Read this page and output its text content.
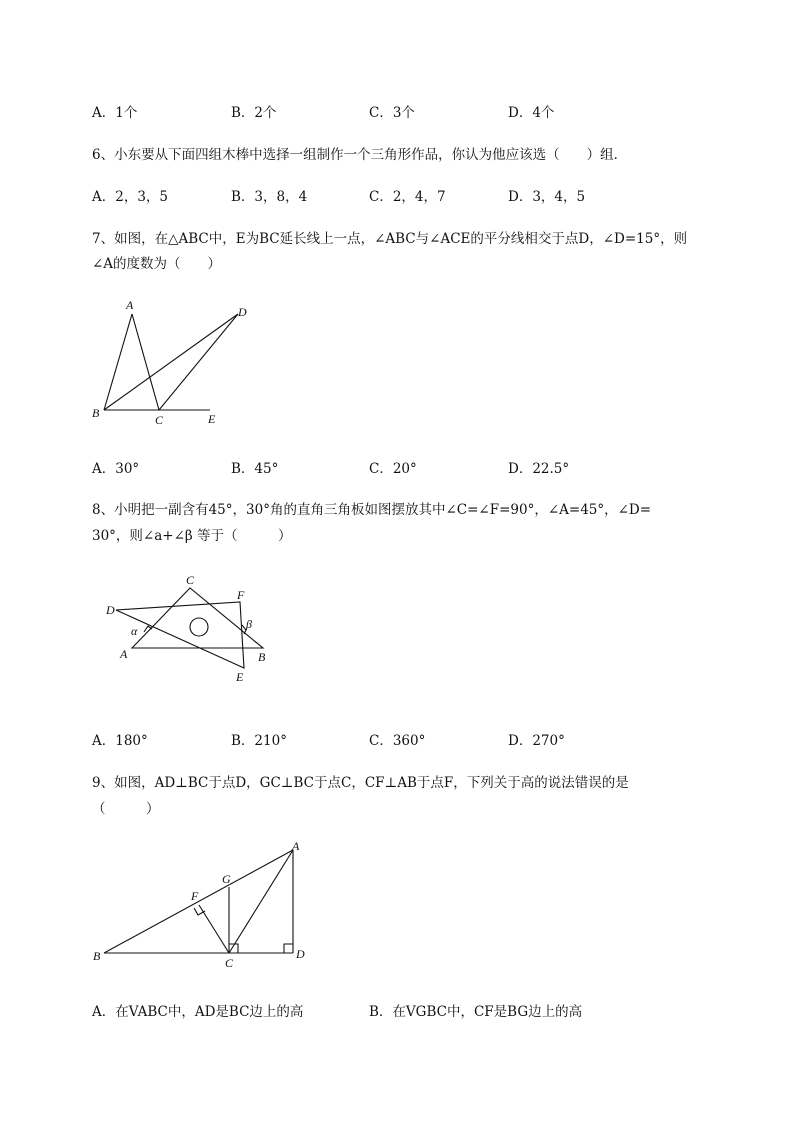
A．1个	B．2个	C．3个	D．4个
6、小东要从下面四组木棒中选择一组制作一个三角形作品，你认为他应该选（　　）组．
A．2，3，5	B．3，8，4	C．2，4，7	D．3，4，5
7、如图，在△ABC中，E为BC延长线上一点，∠ABC与∠ACE的平分线相交于点D，∠D=15°，则
∠A的度数为（　　）
A	D
B	C	E
A．30°	B．45°	C．20°	D．22.5°
8、小明把一副含有45°，30°角的直角三角板如图摆放其中∠C=∠F=90°，∠A=45°，∠D=
30°，则∠a+∠β 等于（　　　）
C
F
D
α	β
A	B
E
A．180°	B．210°	C．360°	D．270°
9、如图，AD⊥BC于点D，GC⊥BC于点C，CF⊥AB于点F，下列关于高的说法错误的是
（　　　）
A
G
F
B	C
D
A．在VABC中，AD是BC边上的高	B．在VGBC中，CF是BG边上的高
